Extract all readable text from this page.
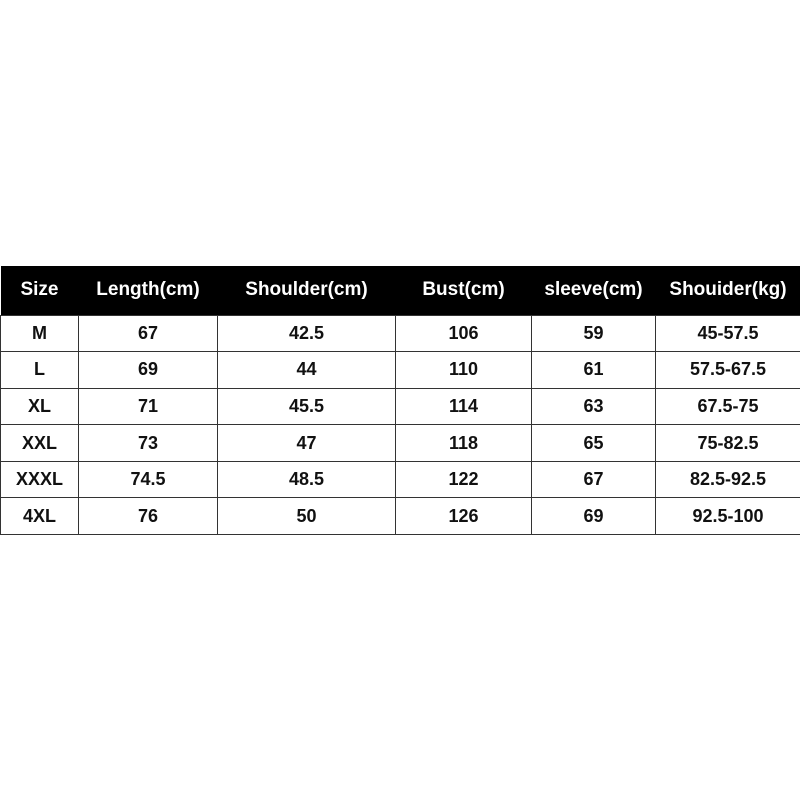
Size	Length(cm)	Shoulder(cm)	Bust(cm)	sleeve(cm)	Shouider(kg)
M	67	42.5	106	59	45-57.5
L	69	44	110	61	57.5-67.5
XL	71	45.5	114	63	67.5-75
XXL	73	47	118	65	75-82.5
XXXL	74.5	48.5	122	67	82.5-92.5
4XL	76	50	126	69	92.5-100
